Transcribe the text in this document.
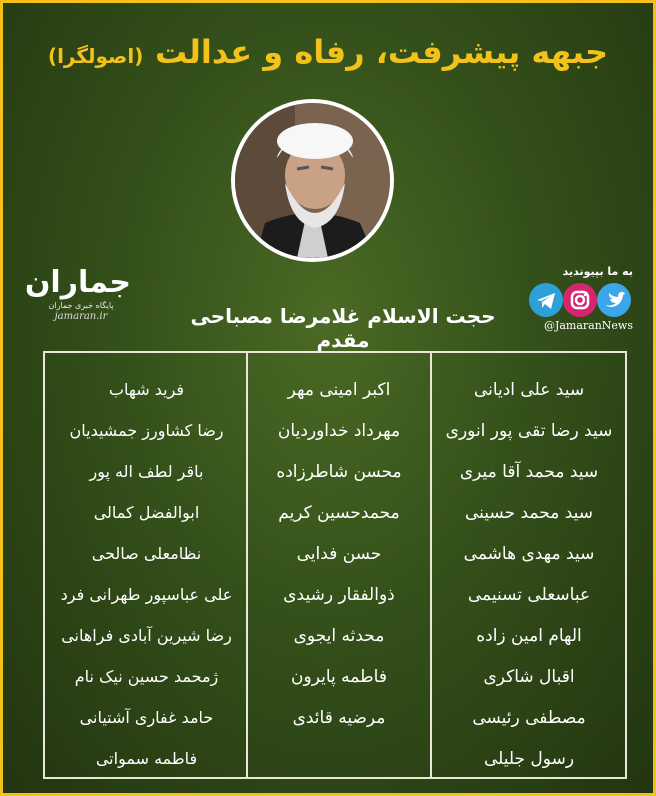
جبهه پیشرفت، رفاه و عدالت (اصولگرا)
جماران
پایگاه خبری جماران
jamaran.ir
به ما بپیوندید
@JamaranNews
حجت الاسلام غلامرضا مصباحی مقدم
سید علی ادیانی
سید رضا تقی پور انوری
سید محمد آقا میری
سید محمد حسینی
سید مهدی هاشمی
عباسعلی تسنیمی
الهام امین زاده
اقبال شاکری
مصطفی رئیسی
رسول جلیلی
اکبر امینی مهر
مهرداد خداوردیان
محسن شاطرزاده
محمدحسین کریم
حسن فدایی
ذوالفقار رشیدی
محدثه ایجوی
فاطمه پایرون
مرضیه قائدی
فرید شهاب
رضا کشاورز جمشیدیان
باقر لطف اله پور
ابوالفضل کمالی
نظامعلی صالحی
علی عباسپور طهرانی فرد
رضا شیرین آبادی فراهانی
ژمحمد حسین نیک نام
حامد غفاری آشتیانی
فاطمه سمواتی
